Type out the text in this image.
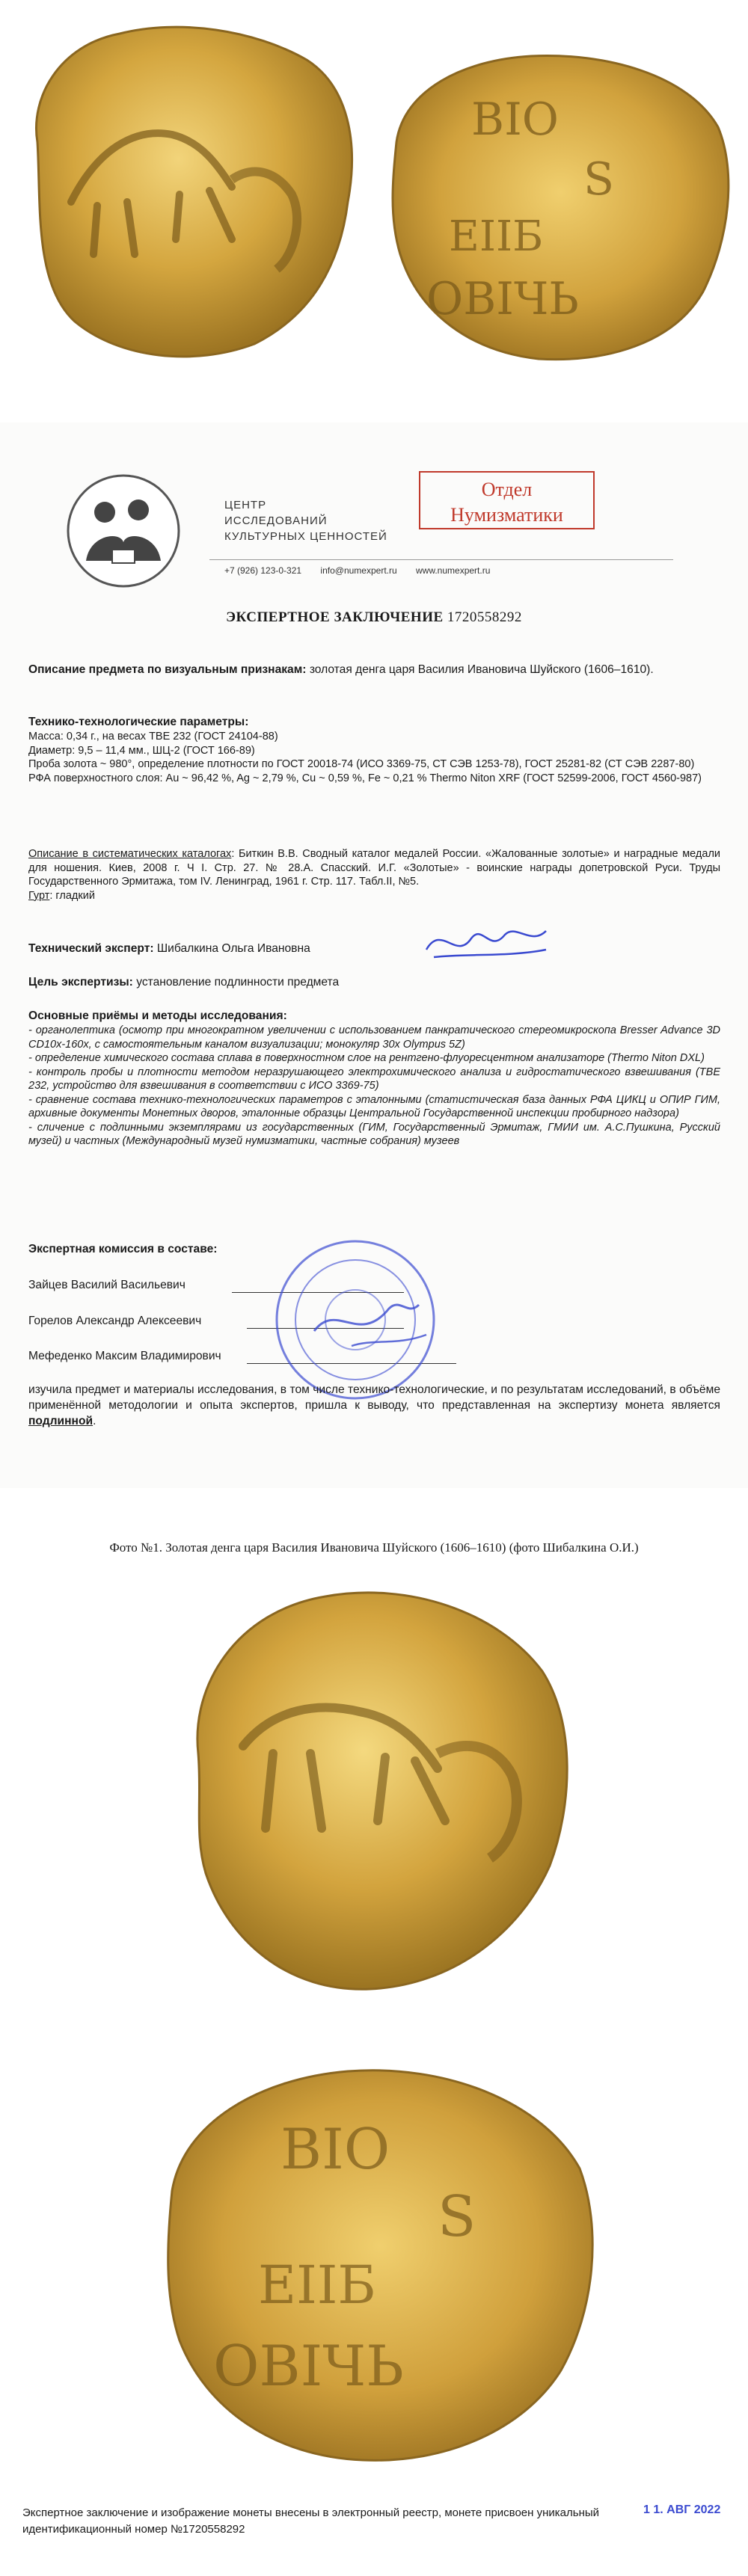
ВІО
S
ЕІІБ
ОВІЧЬ
ЦЕНТР
ИССЛЕДОВАНИЙ
КУЛЬТУРНЫХ ЦЕННОСТЕЙ
Отдел
Нумизматики
+7 (926) 123-0-321 info@numexpert.ru www.numexpert.ru
ЭКСПЕРТНОЕ ЗАКЛЮЧЕНИЕ 1720558292
Описание предмета по визуальным признакам: золотая денга царя Василия Ивановича Шуйского (1606–1610).
Технико-технологические параметры:
Масса: 0,34 г., на весах ТВЕ 232 (ГОСТ 24104-88)
Диаметр: 9,5 – 11,4 мм., ШЦ-2 (ГОСТ 166-89)
Проба золота ~ 980°, определение плотности по ГОСТ 20018-74 (ИСО 3369-75, СТ СЭВ 1253-78), ГОСТ 25281-82 (СТ СЭВ 2287-80)
РФА поверхностного слоя: Au ~ 96,42 %, Ag ~ 2,79 %, Cu ~ 0,59 %, Fe ~ 0,21 % Thermo Niton XRF (ГОСТ 52599-2006, ГОСТ 4560-987)
Описание в систематических каталогах: Биткин В.В. Сводный каталог медалей России. «Жалованные золотые» и наградные медали для ношения. Киев, 2008 г. Ч I. Стр. 27. № 28.А. Спасский. И.Г. «Золотые» - воинские награды допетровской Руси. Труды Государственного Эрмитажа, том IV. Ленинград, 1961 г. Стр. 117. Табл.II, №5.
Гурт: гладкий
Технический эксперт: Шибалкина Ольга Ивановна
Цель экспертизы: установление подлинности предмета
Основные приёмы и методы исследования:
- органолептика (осмотр при многократном увеличении с использованием панкратического стереомикроскопа Bresser Advance 3D CD10x-160x, с самостоятельным каналом визуализации; монокуляр 30x Olympus 5Z)
- определение химического состава сплава в поверхностном слое на рентгено-флуоресцентном анализаторе (Thermo Niton DXL)
- контроль пробы и плотности методом неразрушающего электрохимического анализа и гидростатического взвешивания (ТВЕ 232, устройство для взвешивания в соответствии с ИСО 3369-75)
- сравнение состава технико-технологических параметров с эталонными (статистическая база данных РФА ЦИКЦ и ОПИР ГИМ, архивные документы Монетных дворов, эталонные образцы Центральной Государственной инспекции пробирного надзора)
- сличение с подлинными экземплярами из государственных (ГИМ, Государственный Эрмитаж, ГМИИ им. А.С.Пушкина, Русский музей) и частных (Международный музей нумизматики, частные собрания) музеев
Экспертная комиссия в составе:
Зайцев Василий Васильевич
Горелов Александр Алексеевич
Мефеденко Максим Владимирович
изучила предмет и материалы исследования, в том числе технико-технологические, и по результатам исследований, в объёме применённой методологии и опыта экспертов, пришла к выводу, что представленная на экспертизу монета является подлинной.
Фото №1. Золотая денга царя Василия Ивановича Шуйского (1606–1610) (фото Шибалкина О.И.)
ВІО
S
ЕІІБ
ОВІЧЬ
Экспертное заключение и изображение монеты внесены в электронный реестр, монете присвоен уникальный идентификационный номер №1720558292
1 1. АВГ 2022
